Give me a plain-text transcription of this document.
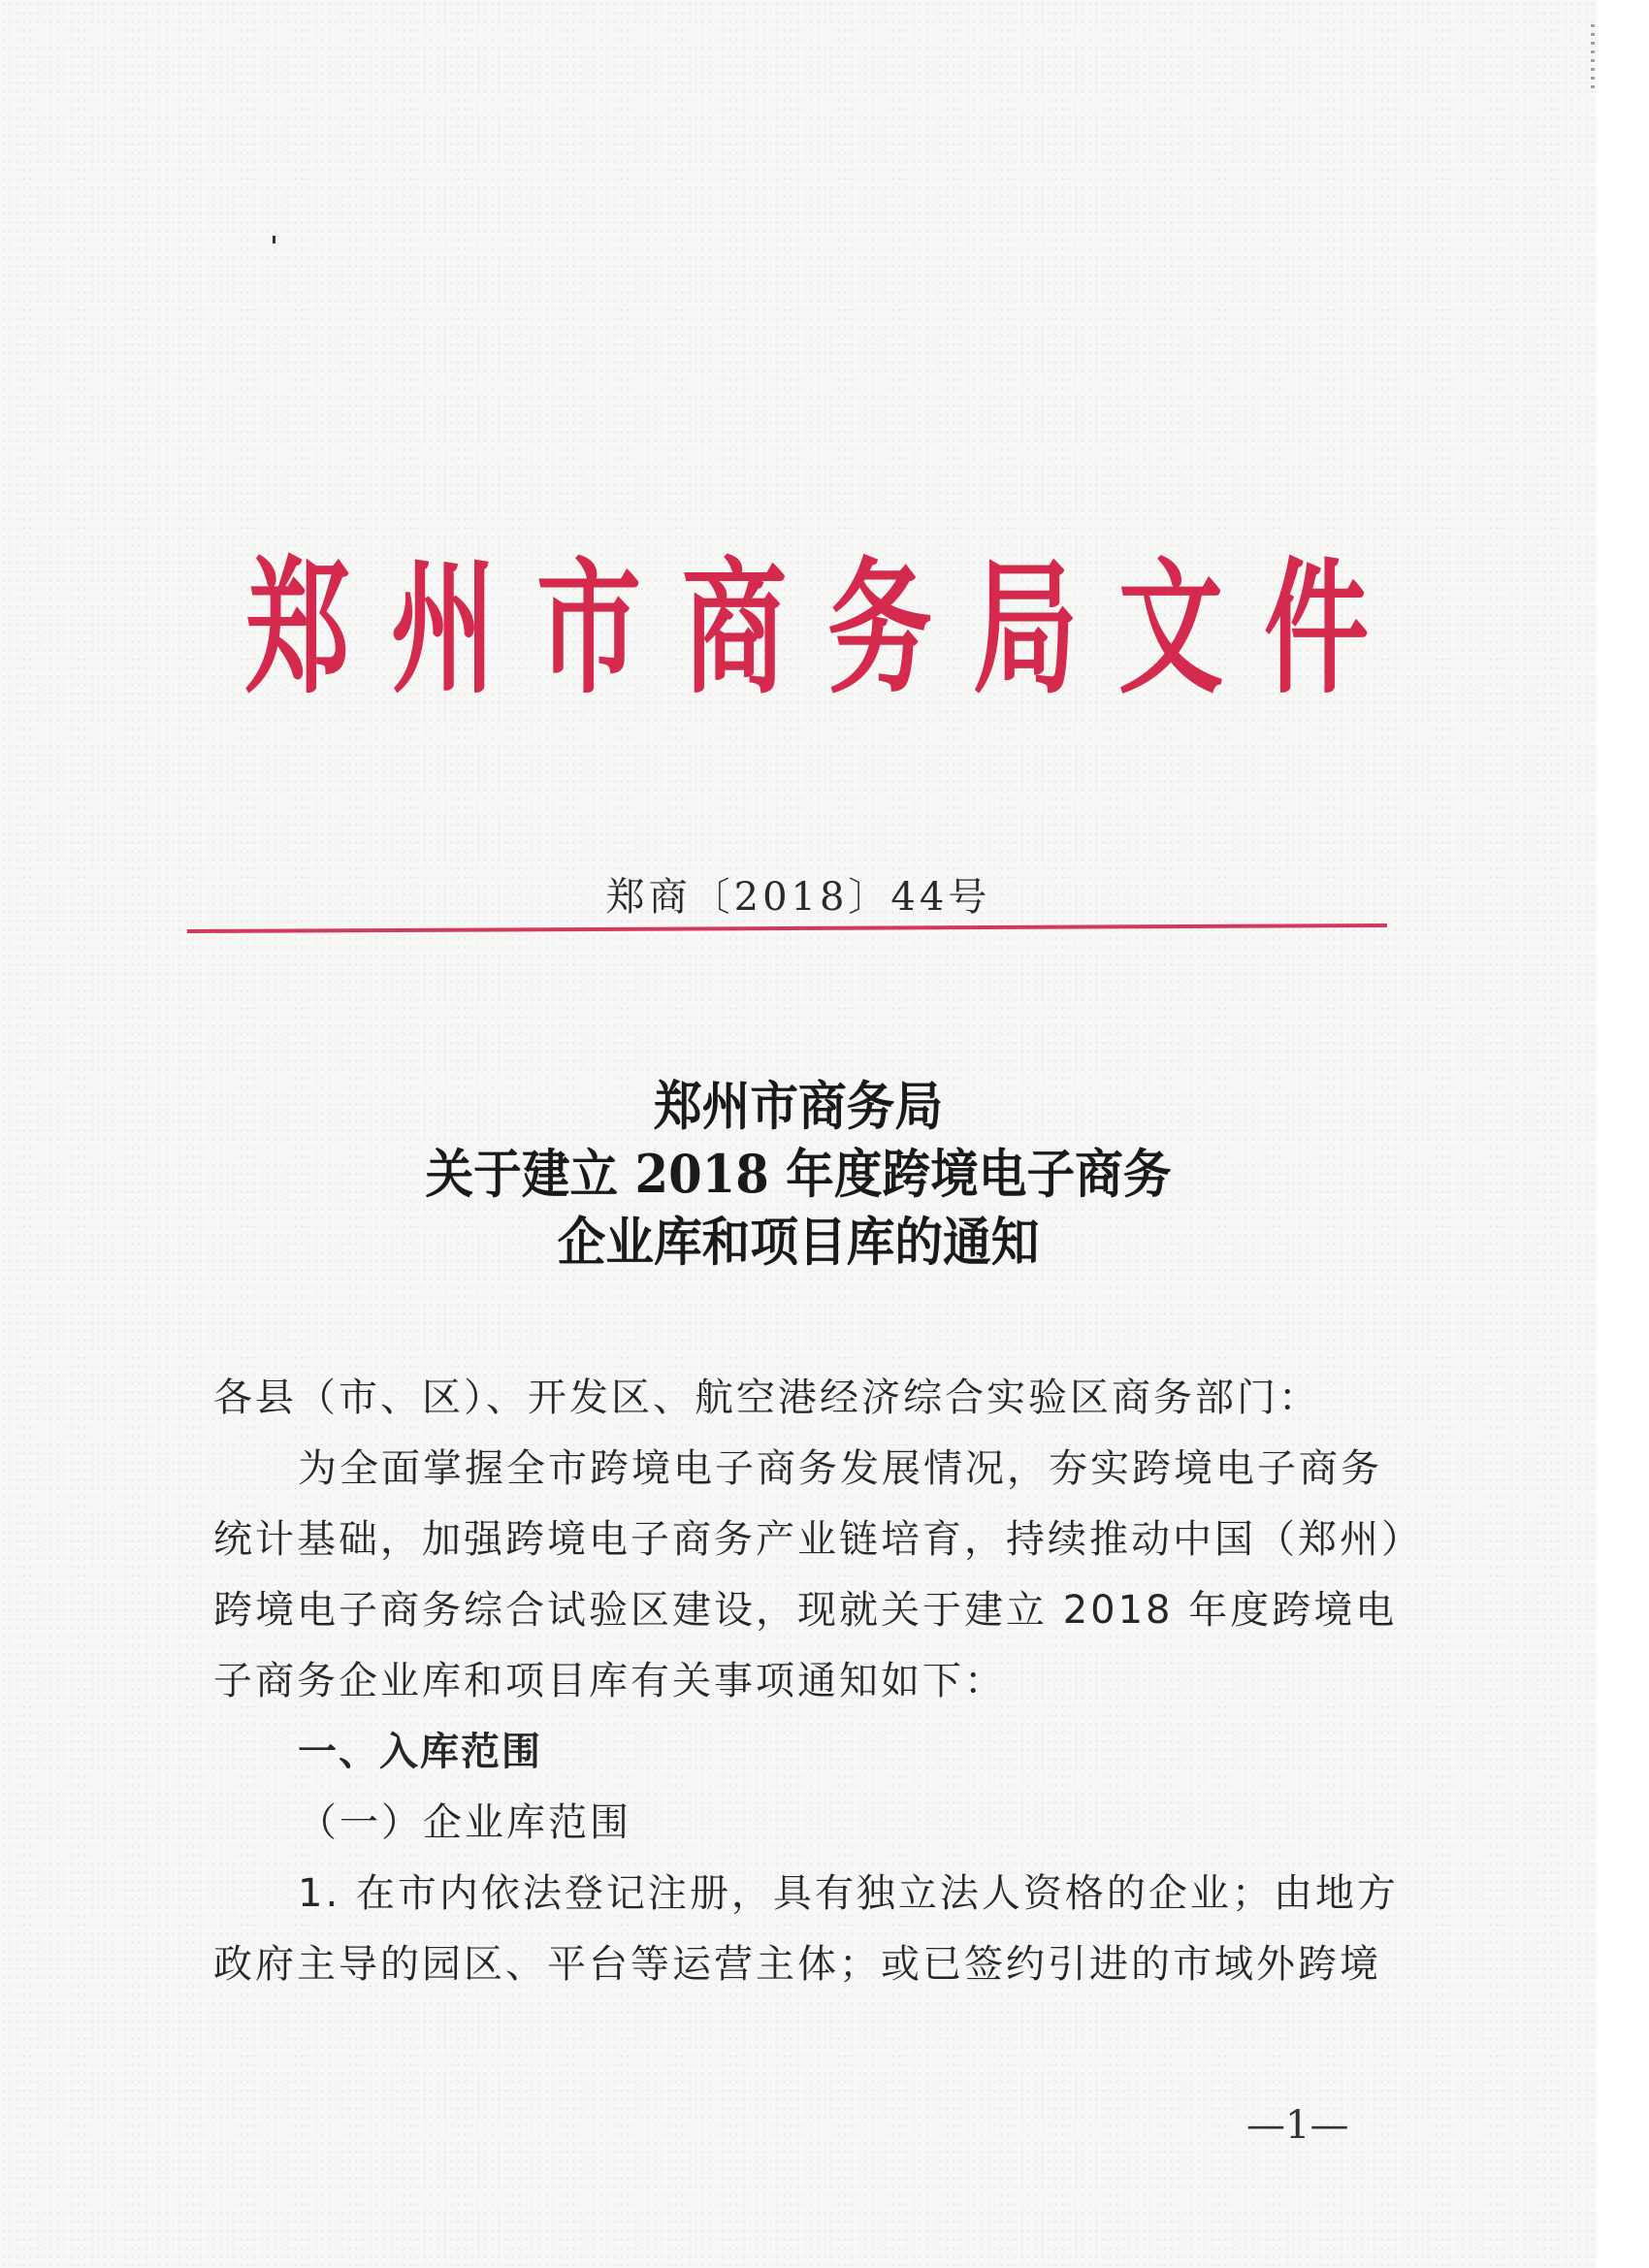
郑 州 市 商 务 局 文 件
郑商〔2018〕44号
郑州市商务局
关于建立 2018 年度跨境电子商务
企业库和项目库的通知
各县（市、区）、开发区、航空港经济综合实验区商务部门：
为全面掌握全市跨境电子商务发展情况，夯实跨境电子商务
统计基础，加强跨境电子商务产业链培育，持续推动中国（郑州）
跨境电子商务综合试验区建设，现就关于建立 2018 年度跨境电
子商务企业库和项目库有关事项通知如下：
一、入库范围
（一）企业库范围
1. 在市内依法登记注册，具有独立法人资格的企业；由地方
政府主导的园区、平台等运营主体；或已签约引进的市域外跨境
—1—
